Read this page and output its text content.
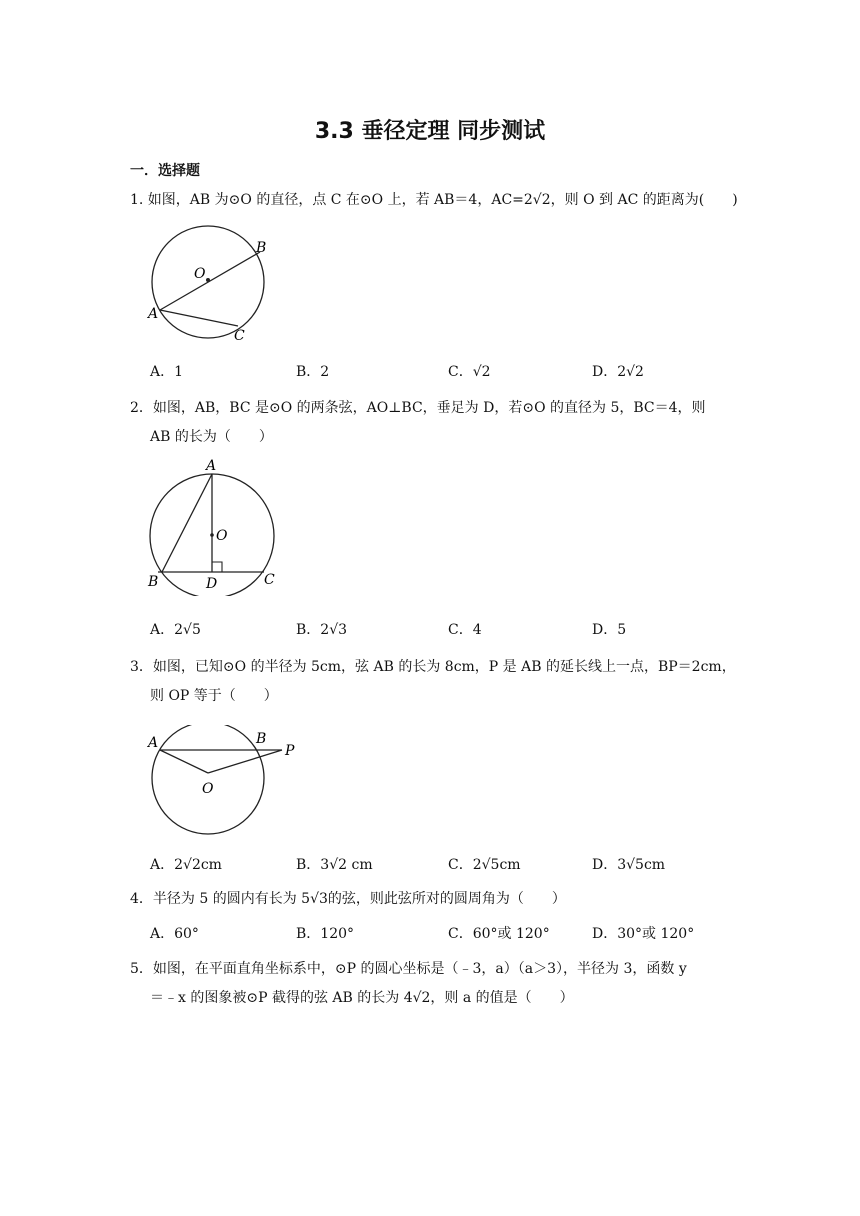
3.3 垂径定理 同步测试
一．选择题
1. 如图，AB 为⊙O 的直径，点 C 在⊙O 上，若 AB＝4，AC=2√2，则 O 到 AC 的距离为(　　)
O
B
A
C
A．1	B．2	C．√2	D．2√2
2．如图，AB，BC 是⊙O 的两条弦，AO⊥BC，垂足为 D，若⊙O 的直径为 5，BC＝4，则
AB 的长为（　　）
A
O
B	D	C
A．2√5	B．2√3	C．4	D．5
3．如图，已知⊙O 的半径为 5cm，弦 AB 的长为 8cm，P 是 AB 的延长线上一点，BP＝2cm，
则 OP 等于（　　）
A	B
P
O
A．2√2cm	B．3√2 cm	C．2√5cm	D．3√5cm
4．半径为 5 的圆内有长为 5√3的弦，则此弦所对的圆周角为（　　）
A．60°	B．120°	C．60°或 120°	D．30°或 120°
5．如图，在平面直角坐标系中，⊙P 的圆心坐标是（﹣3，a）（a＞3），半径为 3，函数 y
＝﹣x 的图象被⊙P 截得的弦 AB 的长为 4√2，则 a 的值是（　　）
